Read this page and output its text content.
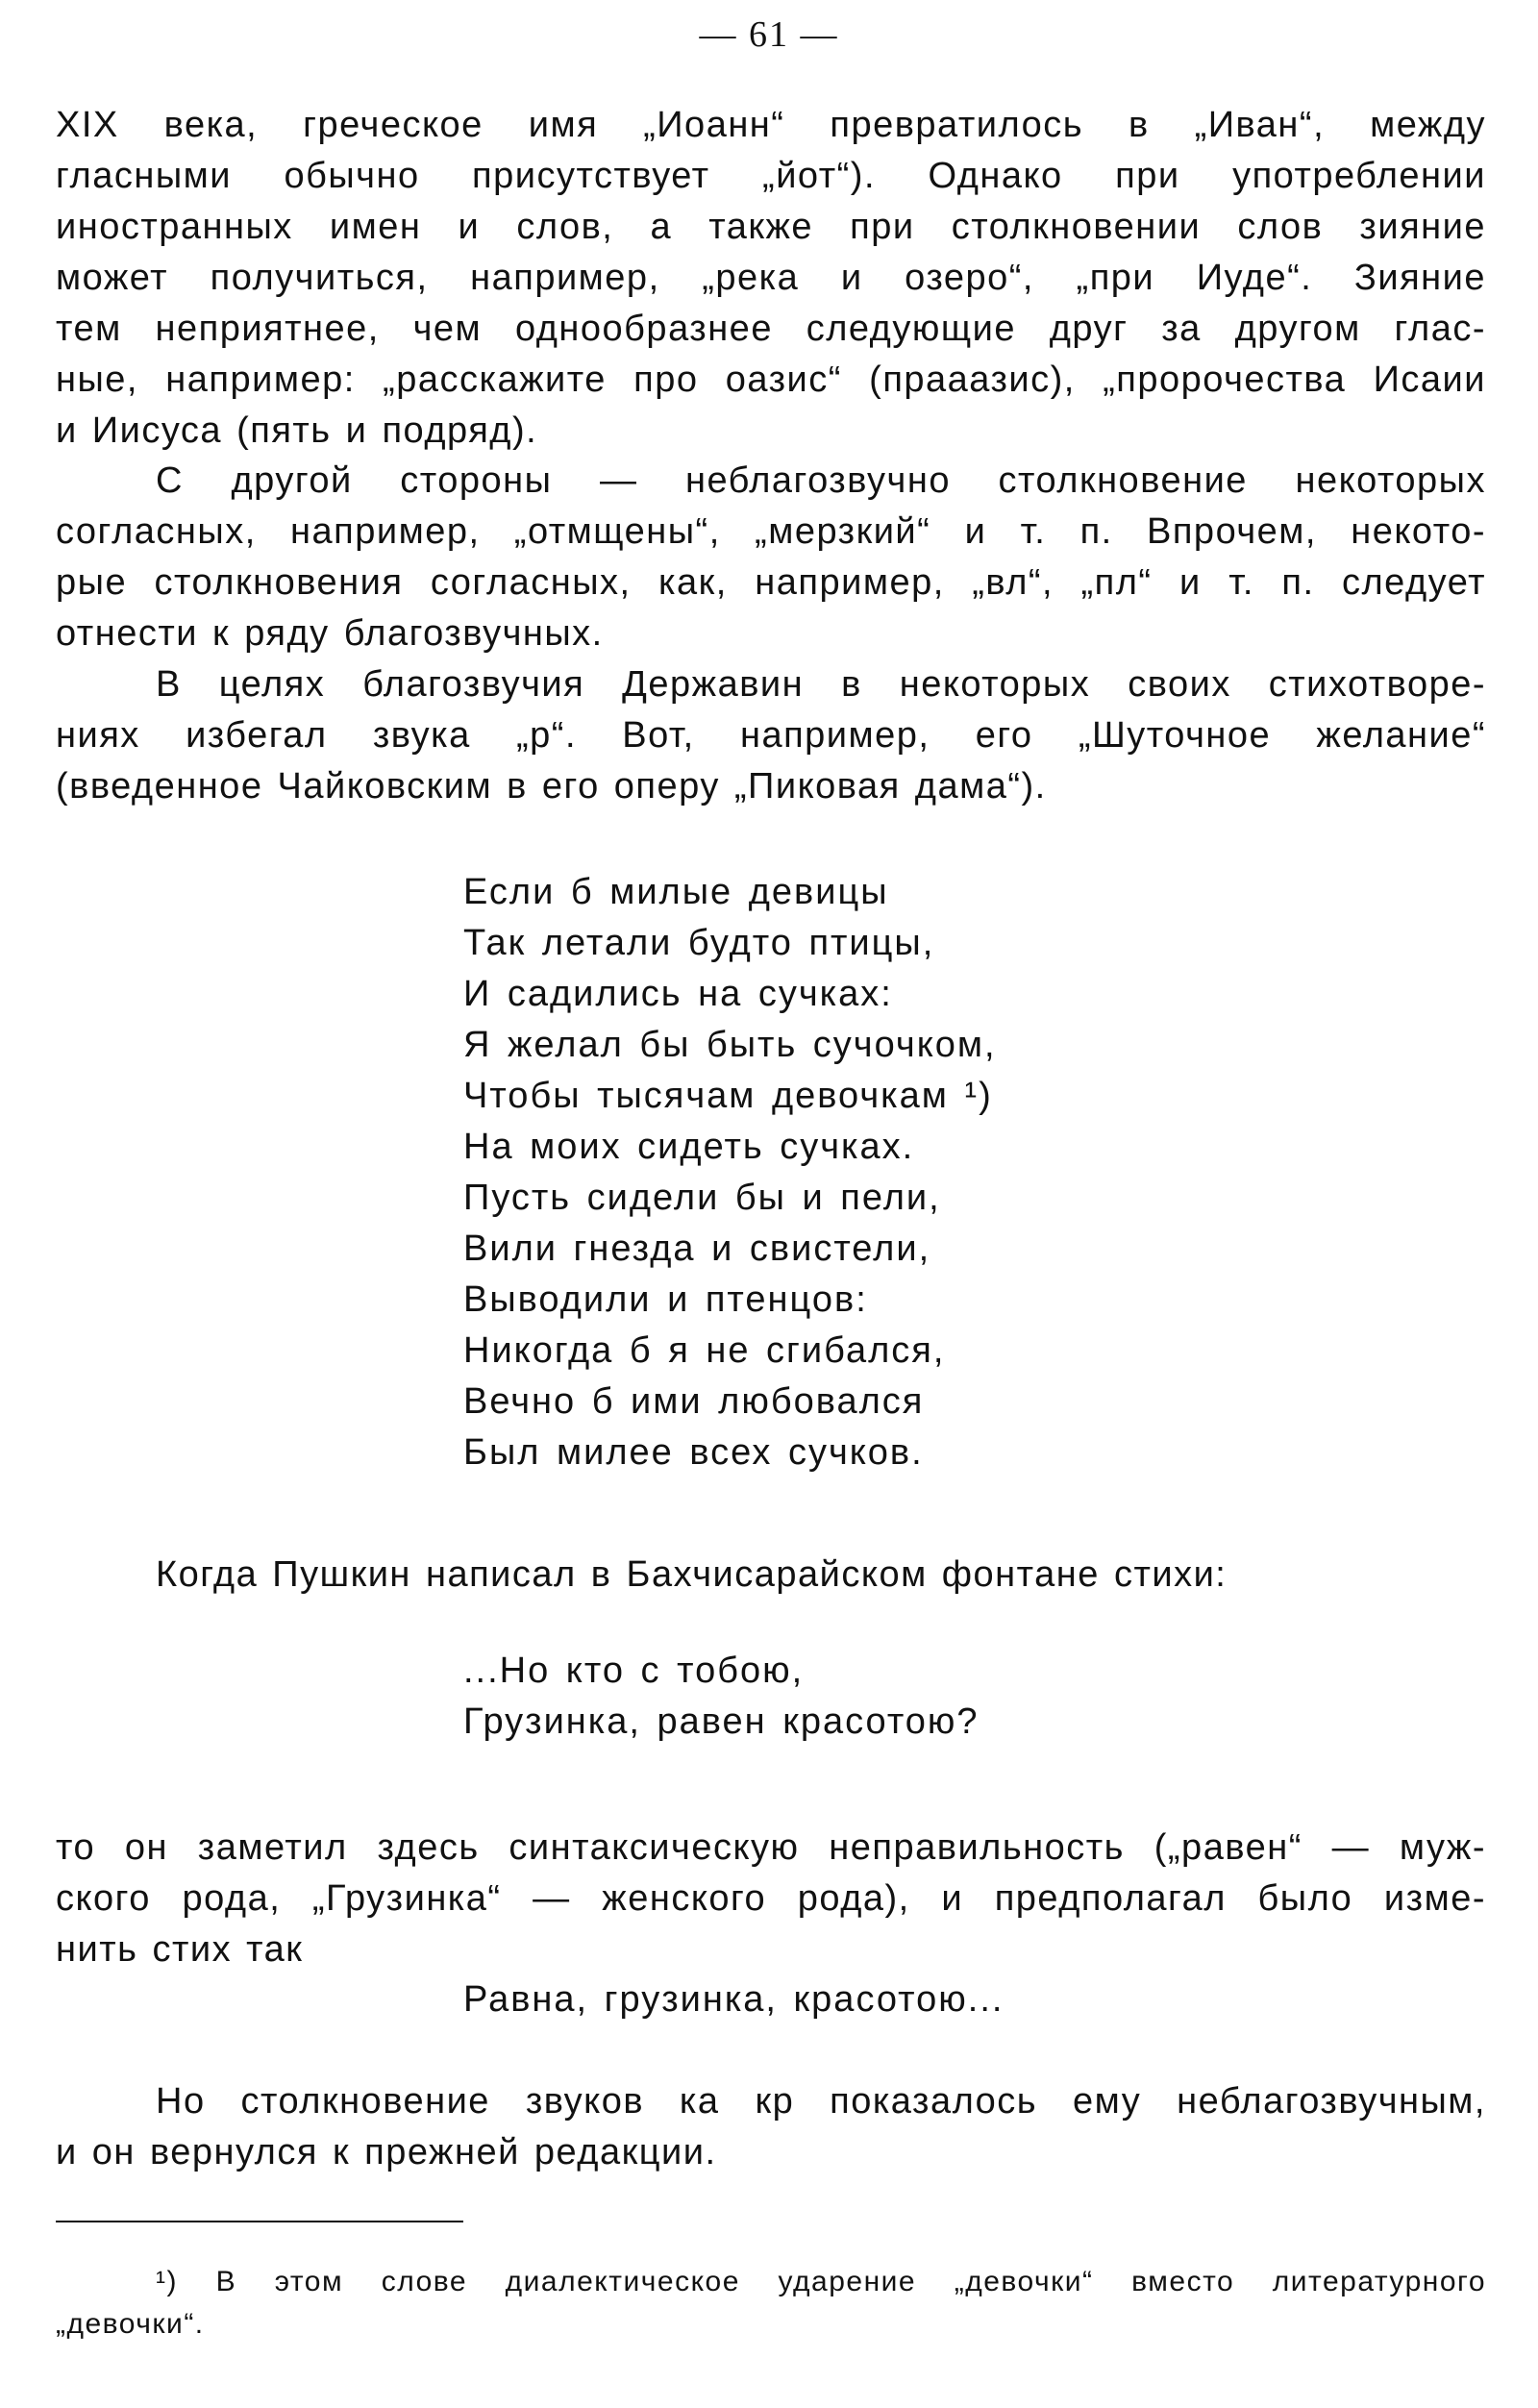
— 61 —
XIX века, греческое имя „Иоанн“ превратилось в „Иван“, между
гласными обычно присутствует „йот“). Однако при употреблении
иностранных имен и слов, а также при столкновении слов зияние
может получиться, например, „река и озеро“, „при Иуде“. Зияние
тем неприятнее, чем однообразнее следующие друг за другом глас-
ные, например: „расскажите про оазис“ (прааазис), „пророчества Исаии
и Иисуса (пять и подряд).
С другой стороны — неблагозвучно столкновение некоторых
согласных, например, „отмщены“, „мерзкий“ и т. п. Впрочем, некото-
рые столкновения согласных, как, например, „вл“, „пл“ и т. п. следует
отнести к ряду благозвучных.
В целях благозвучия Державин в некоторых своих стихотворе-
ниях избегал звука „р“. Вот, например, его „Шуточное желание“
(введенное Чайковским в его оперу „Пиковая дама“).
Если б милые девицы
Так летали будто птицы,
И садились на сучках:
Я желал бы быть сучочком,
Чтобы тысячам девочкам ¹)
На моих сидеть сучках.
Пусть сидели бы и пели,
Вили гнезда и свистели,
Выводили и птенцов:
Никогда б я не сгибался,
Вечно б ими любовался
Был милее всех сучков.
Когда Пушкин написал в Бахчисарайском фонтане стихи:
...Но кто с тобою,
Грузинка, равен красотою?
то он заметил здесь синтаксическую неправильность („равен“ — муж-
ского рода, „Грузинка“ — женского рода), и предполагал было изме-
нить стих так
Равна, грузинка, красотою...
Но столкновение звуков ка кр показалось ему неблагозвучным,
и он вернулся к прежней редакции.
¹) В этом слове диалектическое ударение „девочки“ вместо литературного
„девочки“.
